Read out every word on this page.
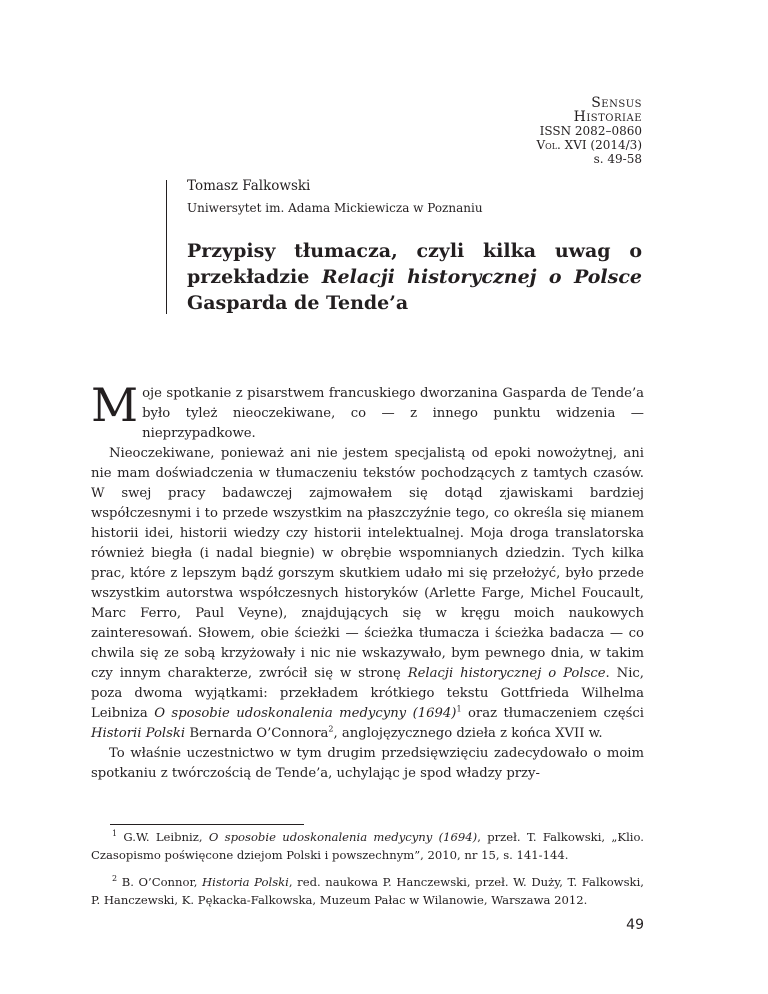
Sensus
Historiae
ISSN 2082–0860
Vol. XVI (2014/3)
s. 49-58
Tomasz Falkowski
Uniwersytet im. Adama Mickiewicza w Poznaniu
Przypisy tłumacza, czyli kilka uwag o przekładzie Relacji historycznej o Polsce Gasparda de Tende’a

Moje spotkanie z pisarstwem francuskiego dworzanina Gasparda de Tende’a było tyleż nieoczekiwane, co — z innego punktu widzenia — nieprzypadkowe.

Nieoczekiwane, ponieważ ani nie jestem specjalistą od epoki nowożytnej, ani nie mam doświadczenia w tłumaczeniu tekstów pochodzących z tamtych czasów. W swej pracy badawczej zajmowałem się dotąd zjawiskami bardziej współczesnymi i to przede wszystkim na płaszczyźnie tego, co określa się mianem historii idei, historii wiedzy czy historii intelektualnej. Moja droga translatorska również biegła (i nadal biegnie) w obrębie wspomnianych dziedzin. Tych kilka prac, które z lepszym bądź gorszym skutkiem udało mi się przełożyć, było przede wszystkim autorstwa współczesnych historyków (Arlette Farge, Michel Foucault, Marc Ferro, Paul Veyne), znajdujących się w kręgu moich naukowych zainteresowań. Słowem, obie ścieżki — ścieżka tłumacza i ścieżka badacza — co chwila się ze sobą krzyżowały i nic nie wskazywało, bym pewnego dnia, w takim czy innym charakterze, zwrócił się w stronę Relacji historycznej o Polsce. Nic, poza dwoma wyjątkami: przekładem krótkiego tekstu Gottfrieda Wilhelma Leibniza O sposobie udoskonalenia medycyny $(1694)^1$ oraz tłumaczeniem części Historii Polski Bernarda O’Connora$^2$, anglojęzycznego dzieła z końca XVII w.

To właśnie uczestnictwo w tym drugim przedsięwzięciu zadecydowało o moim spotkaniu z twórczością de Tende’a, uchylając je spod władzy przy-

$^1$ G.W. Leibniz, O sposobie udoskonalenia medycyny (1694), przeł. T. Falkowski, „Klio. Czasopismo poświęcone dziejom Polski i powszechnym”, 2010, nr 15, s. 141-144.

$^2$ B. O’Connor, Historia Polski, red. naukowa P. Hanczewski, przeł. W. Duży, T. Falkowski, P. Hanczewski, K. Pękacka-Falkowska, Muzeum Pałac w Wilanowie, Warszawa 2012.

49
